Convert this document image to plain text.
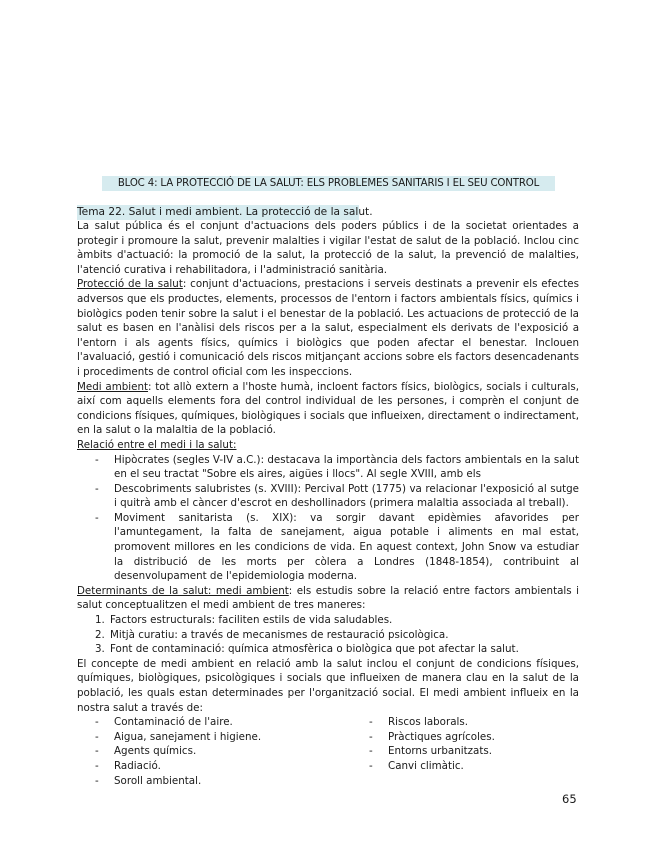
BLOC 4: LA PROTECCIÓ DE LA SALUT: ELS PROBLEMES SANITARIS I EL SEU CONTROL
Tema 22. Salut i medi ambient. La protecció de la salut.

La salut pública és el conjunt d'actuacions dels poders públics i de la societat orientades a protegir i promoure la salut, prevenir malalties i vigilar l'estat de salut de la població. Inclou cinc àmbits d'actuació: la promoció de la salut, la protecció de la salut, la prevenció de malalties, l'atenció curativa i rehabilitadora, i l'administració sanitària.

Protecció de la salut: conjunt d'actuacions, prestacions i serveis destinats a prevenir els efectes adversos que els productes, elements, processos de l'entorn i factors ambientals físics, químics i biològics poden tenir sobre la salut i el benestar de la població. Les actuacions de protecció de la salut es basen en l'anàlisi dels riscos per a la salut, especialment els derivats de l'exposició a l'entorn i als agents físics, químics i biològics que poden afectar el benestar. Inclouen l'avaluació, gestió i comunicació dels riscos mitjançant accions sobre els factors desencadenants i procediments de control oficial com les inspeccions.

Medi ambient: tot allò extern a l'hoste humà, incloent factors físics, biològics, socials i culturals, així com aquells elements fora del control individual de les persones, i comprèn el conjunt de condicions físiques, químiques, biològiques i socials que influeixen, directament o indirectament, en la salut o la malaltia de la població.

Relació entre el medi i la salut:

- Hipòcrates (segles V-IV a.C.): destacava la importància dels factors ambientals en la salut en el seu tractat "Sobre els aires, aigües i llocs". Al segle XVIII, amb els
- Descobriments salubristes (s. XVIII): Percival Pott (1775) va relacionar l'exposició al sutge i quitrà amb el càncer d'escrot en deshollinadors (primera malaltia associada al treball).
- Moviment sanitarista (s. XIX): va sorgir davant epidèmies afavorides per l'amuntegament, la falta de sanejament, aigua potable i aliments en mal estat, promovent millores en les condicions de vida. En aquest context, John Snow va estudiar la distribució de les morts per còlera a Londres (1848-1854), contribuint al desenvolupament de l'epidemiologia moderna.

Determinants de la salut: medi ambient: els estudis sobre la relació entre factors ambientals i salut conceptualitzen el medi ambient de tres maneres:

1. Factors estructurals: faciliten estils de vida saludables.
2. Mitjà curatiu: a través de mecanismes de restauració psicològica.
3. Font de contaminació: química atmosfèrica o biològica que pot afectar la salut.

El concepte de medi ambient en relació amb la salut inclou el conjunt de condicions físiques, químiques, biològiques, psicològiques i socials que influeixen de manera clau en la salut de la població, les quals estan determinades per l'organització social. El medi ambient influeix en la nostra salut a través de:

- Contaminació de l'aire.
- Aigua, sanejament i higiene.
- Agents químics.
- Radiació.
- Soroll ambiental.
- Riscos laborals.
- Pràctiques agrícoles.
- Entorns urbanitzats.
- Canvi climàtic.
65
